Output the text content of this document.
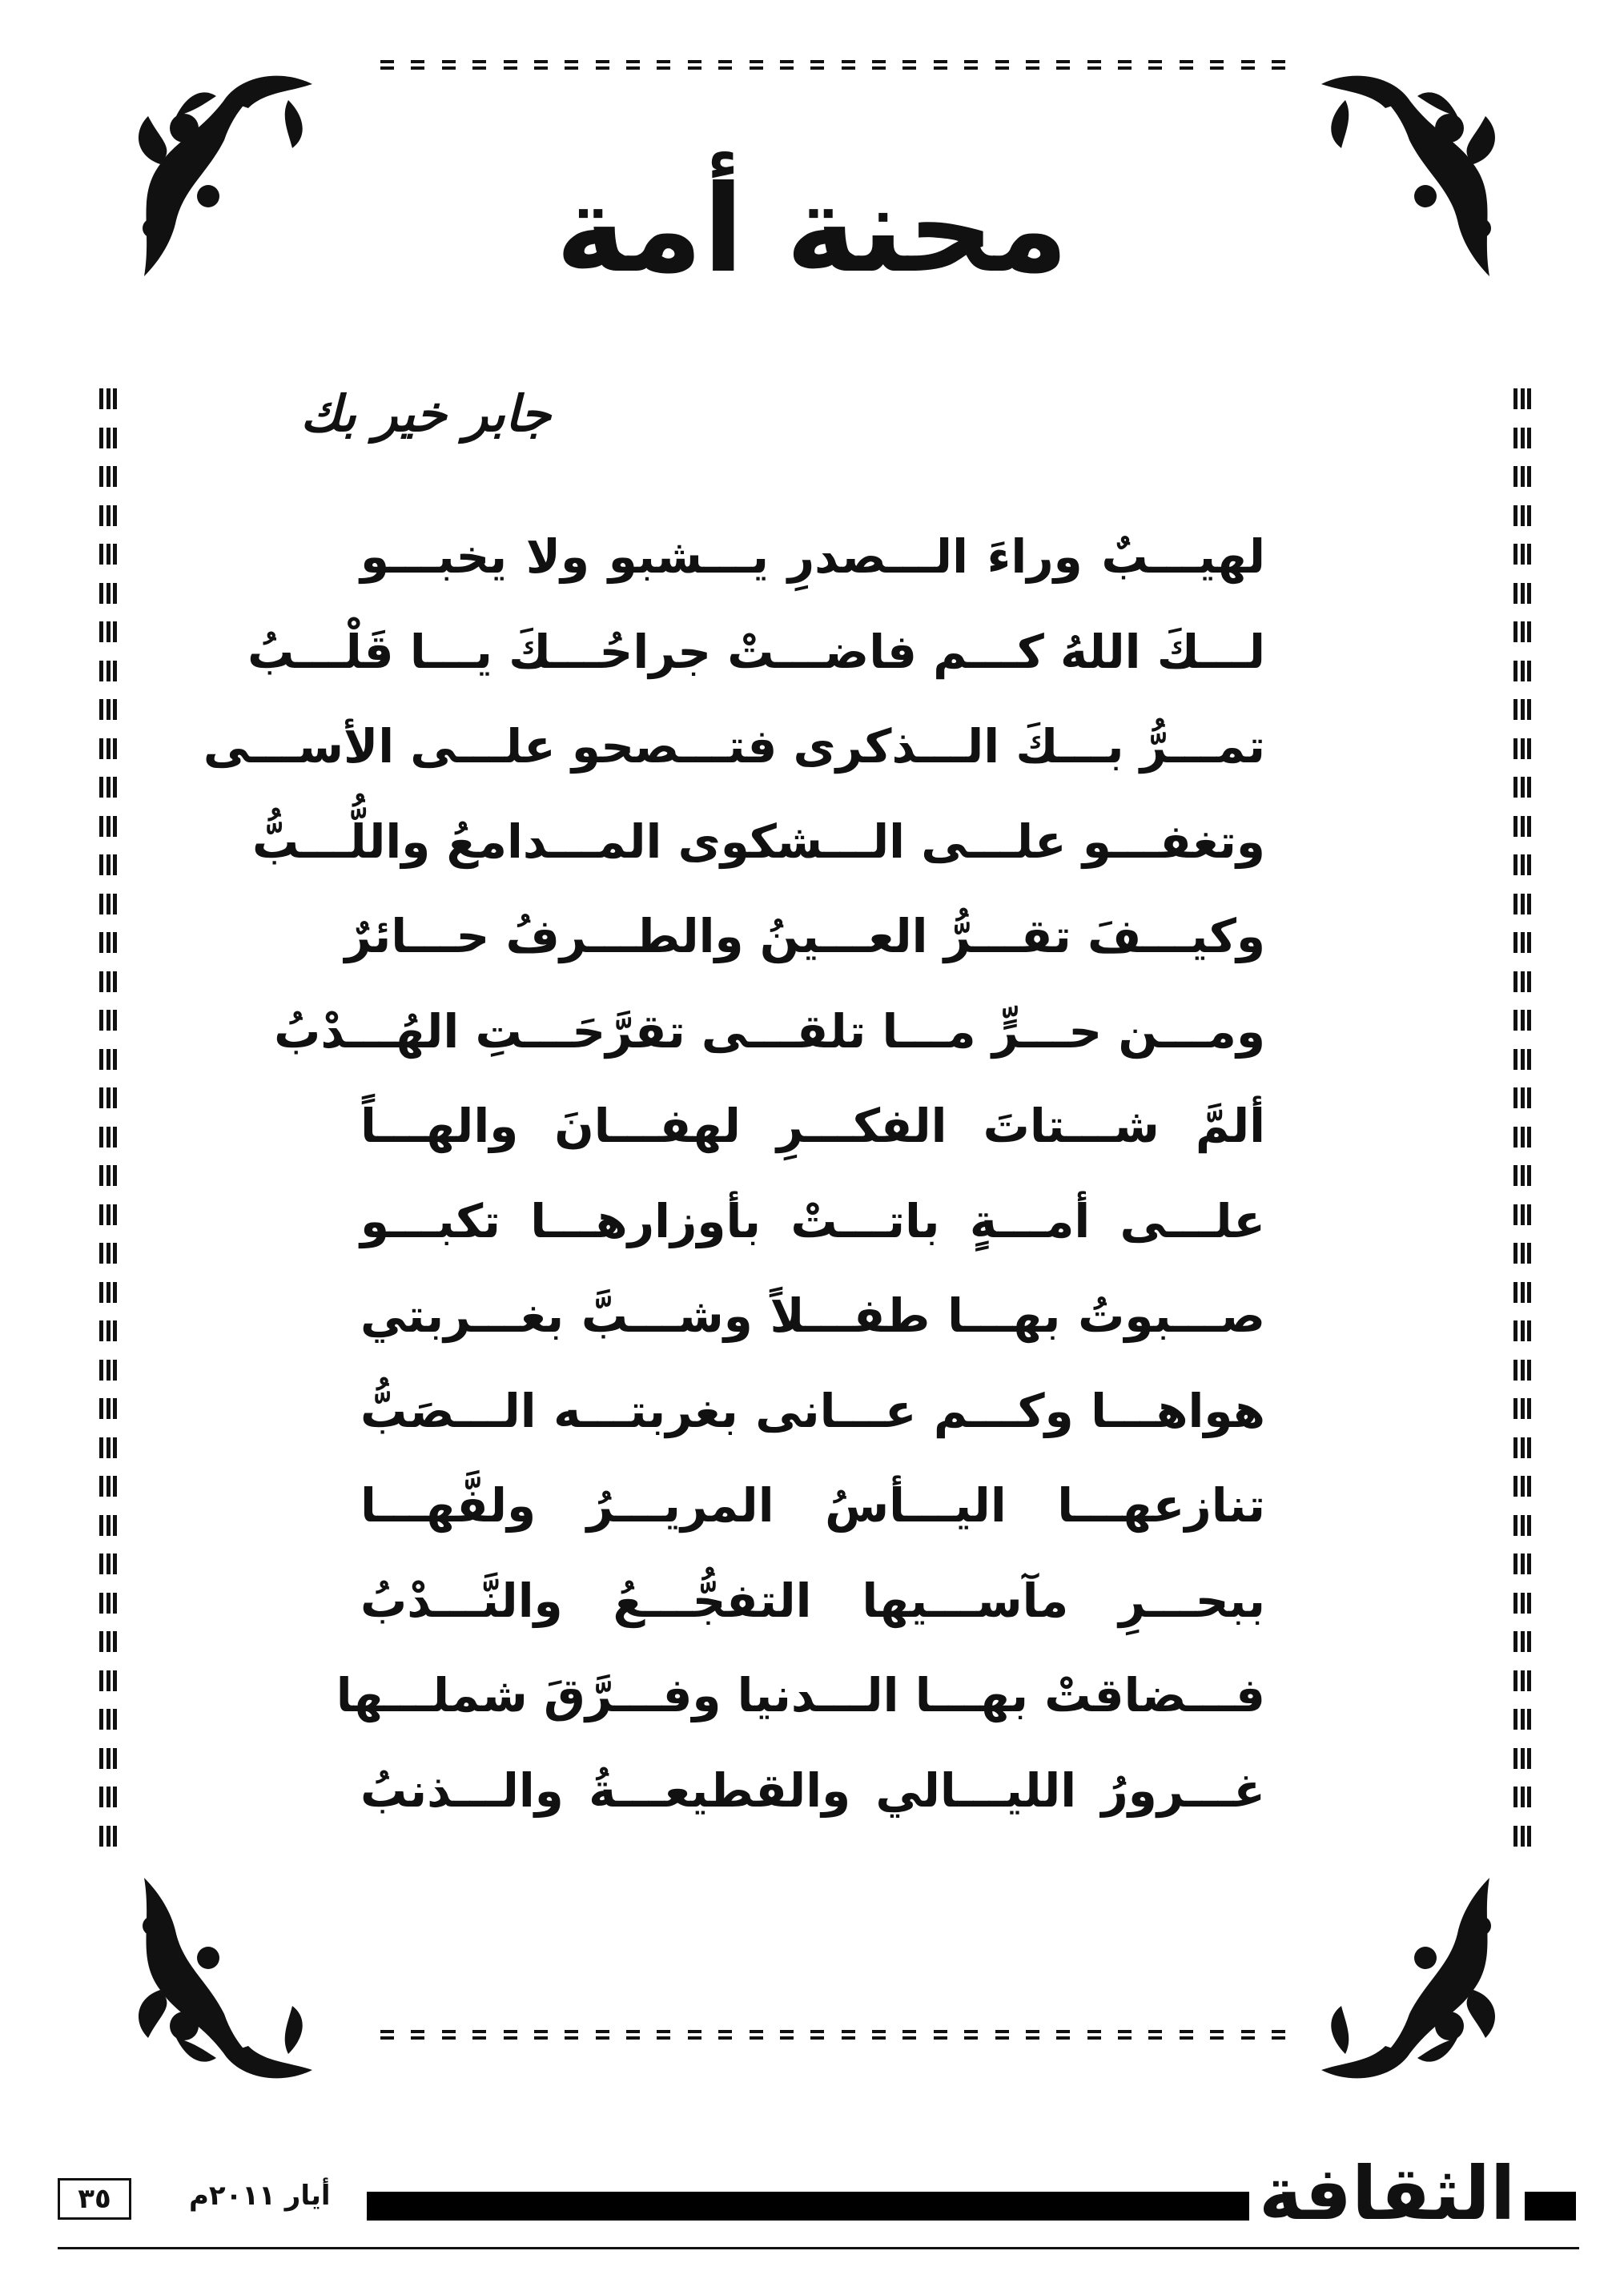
محنة أمة
جابر خير بك
لهيـــبٌ وراءَ الـــصدرِ يـــشبو ولا يخبـــو
لـــكَ اللهُ كـــم فاضـــتْ جراحُـــكَ يـــا قَلْـــبُ
تمـــرُّ بـــكَ الـــذكرى فتـــصحو علـــى الأســـى
وتغفـــو علـــى الـــشكوى المـــدامعُ واللُّـــبُّ
وكيـــفَ تقـــرُّ العـــينُ والطـــرفُ حـــائرٌ
ومـــن حـــرٍّ مـــا تلقـــى تقرَّحَـــتِ الهُـــدْبُ
ألمَّ شـــتاتَ الفكـــرِ لهفـــانَ والهـــاً
علـــى أمـــةٍ باتـــتْ بأوزارهـــا تكبـــو
صـــبوتُ بهـــا طفـــلاً وشـــبَّ بغـــربتي
هواهـــا وكـــم عـــانى بغربتـــه الـــصَبُّ
تنازعهـــا اليـــأسُ المريـــرُ ولفَّهـــا
ببحـــرِ مآســـيها التفجُّـــعُ والنَّـــدْبُ
فـــضاقتْ بهـــا الـــدنيا وفـــرَّقَ شملـــها
غـــرورُ الليـــالي والقطيعـــةُ والـــذنبُ
الثقافة
أيار ٢٠١١م
٣٥
